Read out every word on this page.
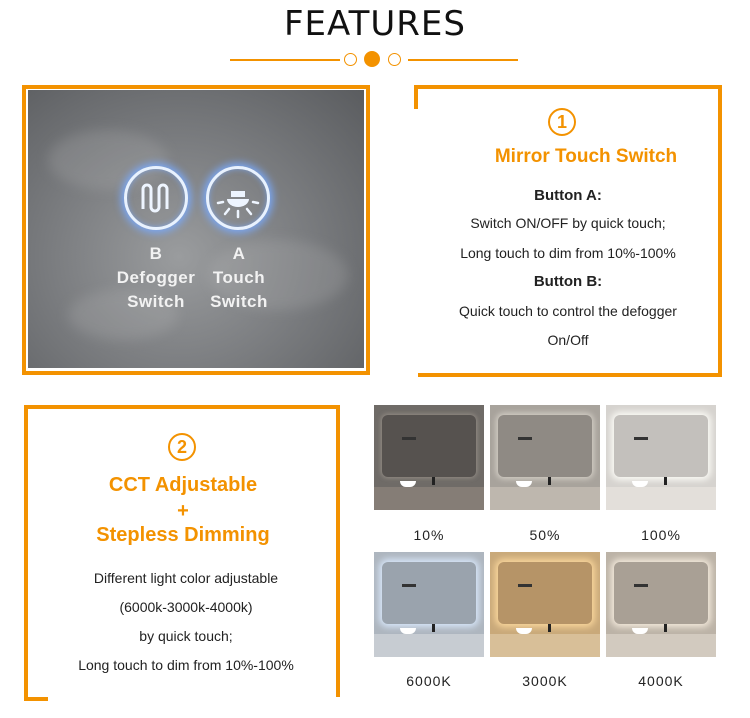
FEATURES
B
Defogger
Switch
A
Touch
Switch
1
Mirror Touch Switch
Button A:
Switch ON/OFF by quick touch;
Long touch to dim from 10%-100%
Button B:
Quick touch to control the defogger
On/Off
2
CCT Adjustable
+
Stepless Dimming
Different light color adjustable
(6000k-3000k-4000k)
by quick touch;
Long touch to dim from 10%-100%
10%	50%	100%
6000K	3000K	4000K
